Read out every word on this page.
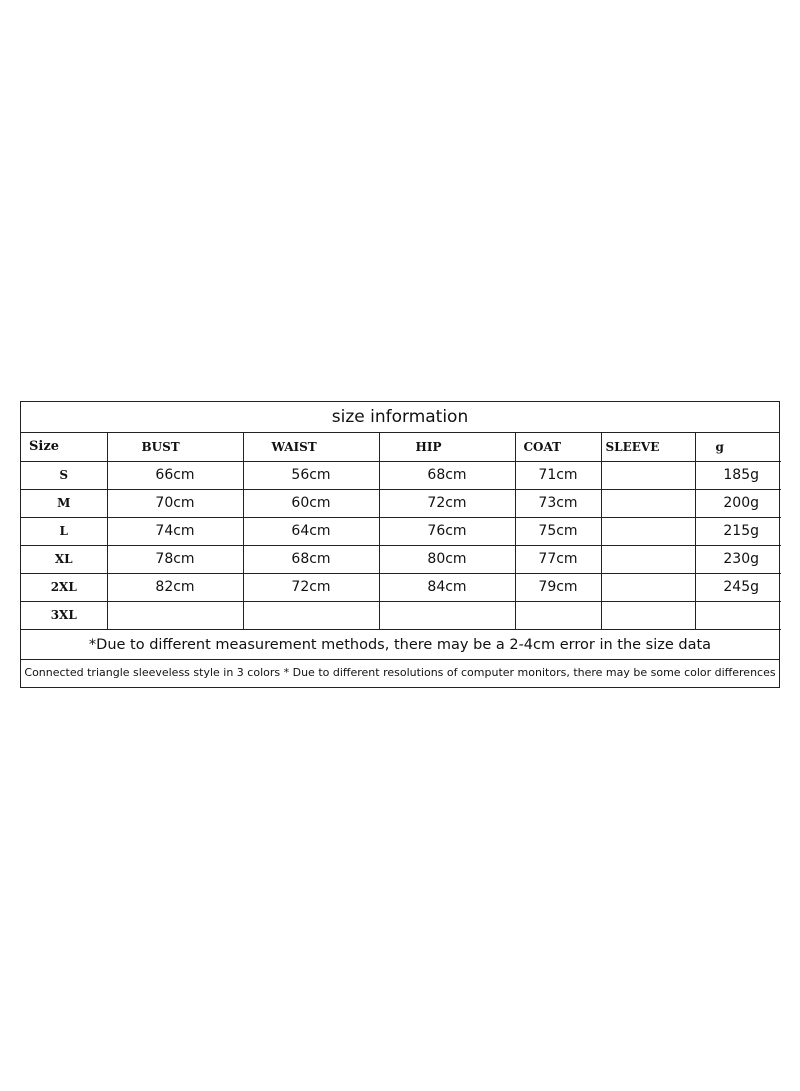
size information
Size	BUST	WAIST	HIP	COAT	SLEEVE	g
S	66cm	56cm	68cm	71cm		185g
M	70cm	60cm	72cm	73cm		200g
L	74cm	64cm	76cm	75cm		215g
XL	78cm	68cm	80cm	77cm		230g
2XL	82cm	72cm	84cm	79cm		245g
3XL						
*Due to different measurement methods, there may be a 2-4cm error in the size data
Connected triangle sleeveless style in 3 colors * Due to different resolutions of computer monitors, there may be some color differences
